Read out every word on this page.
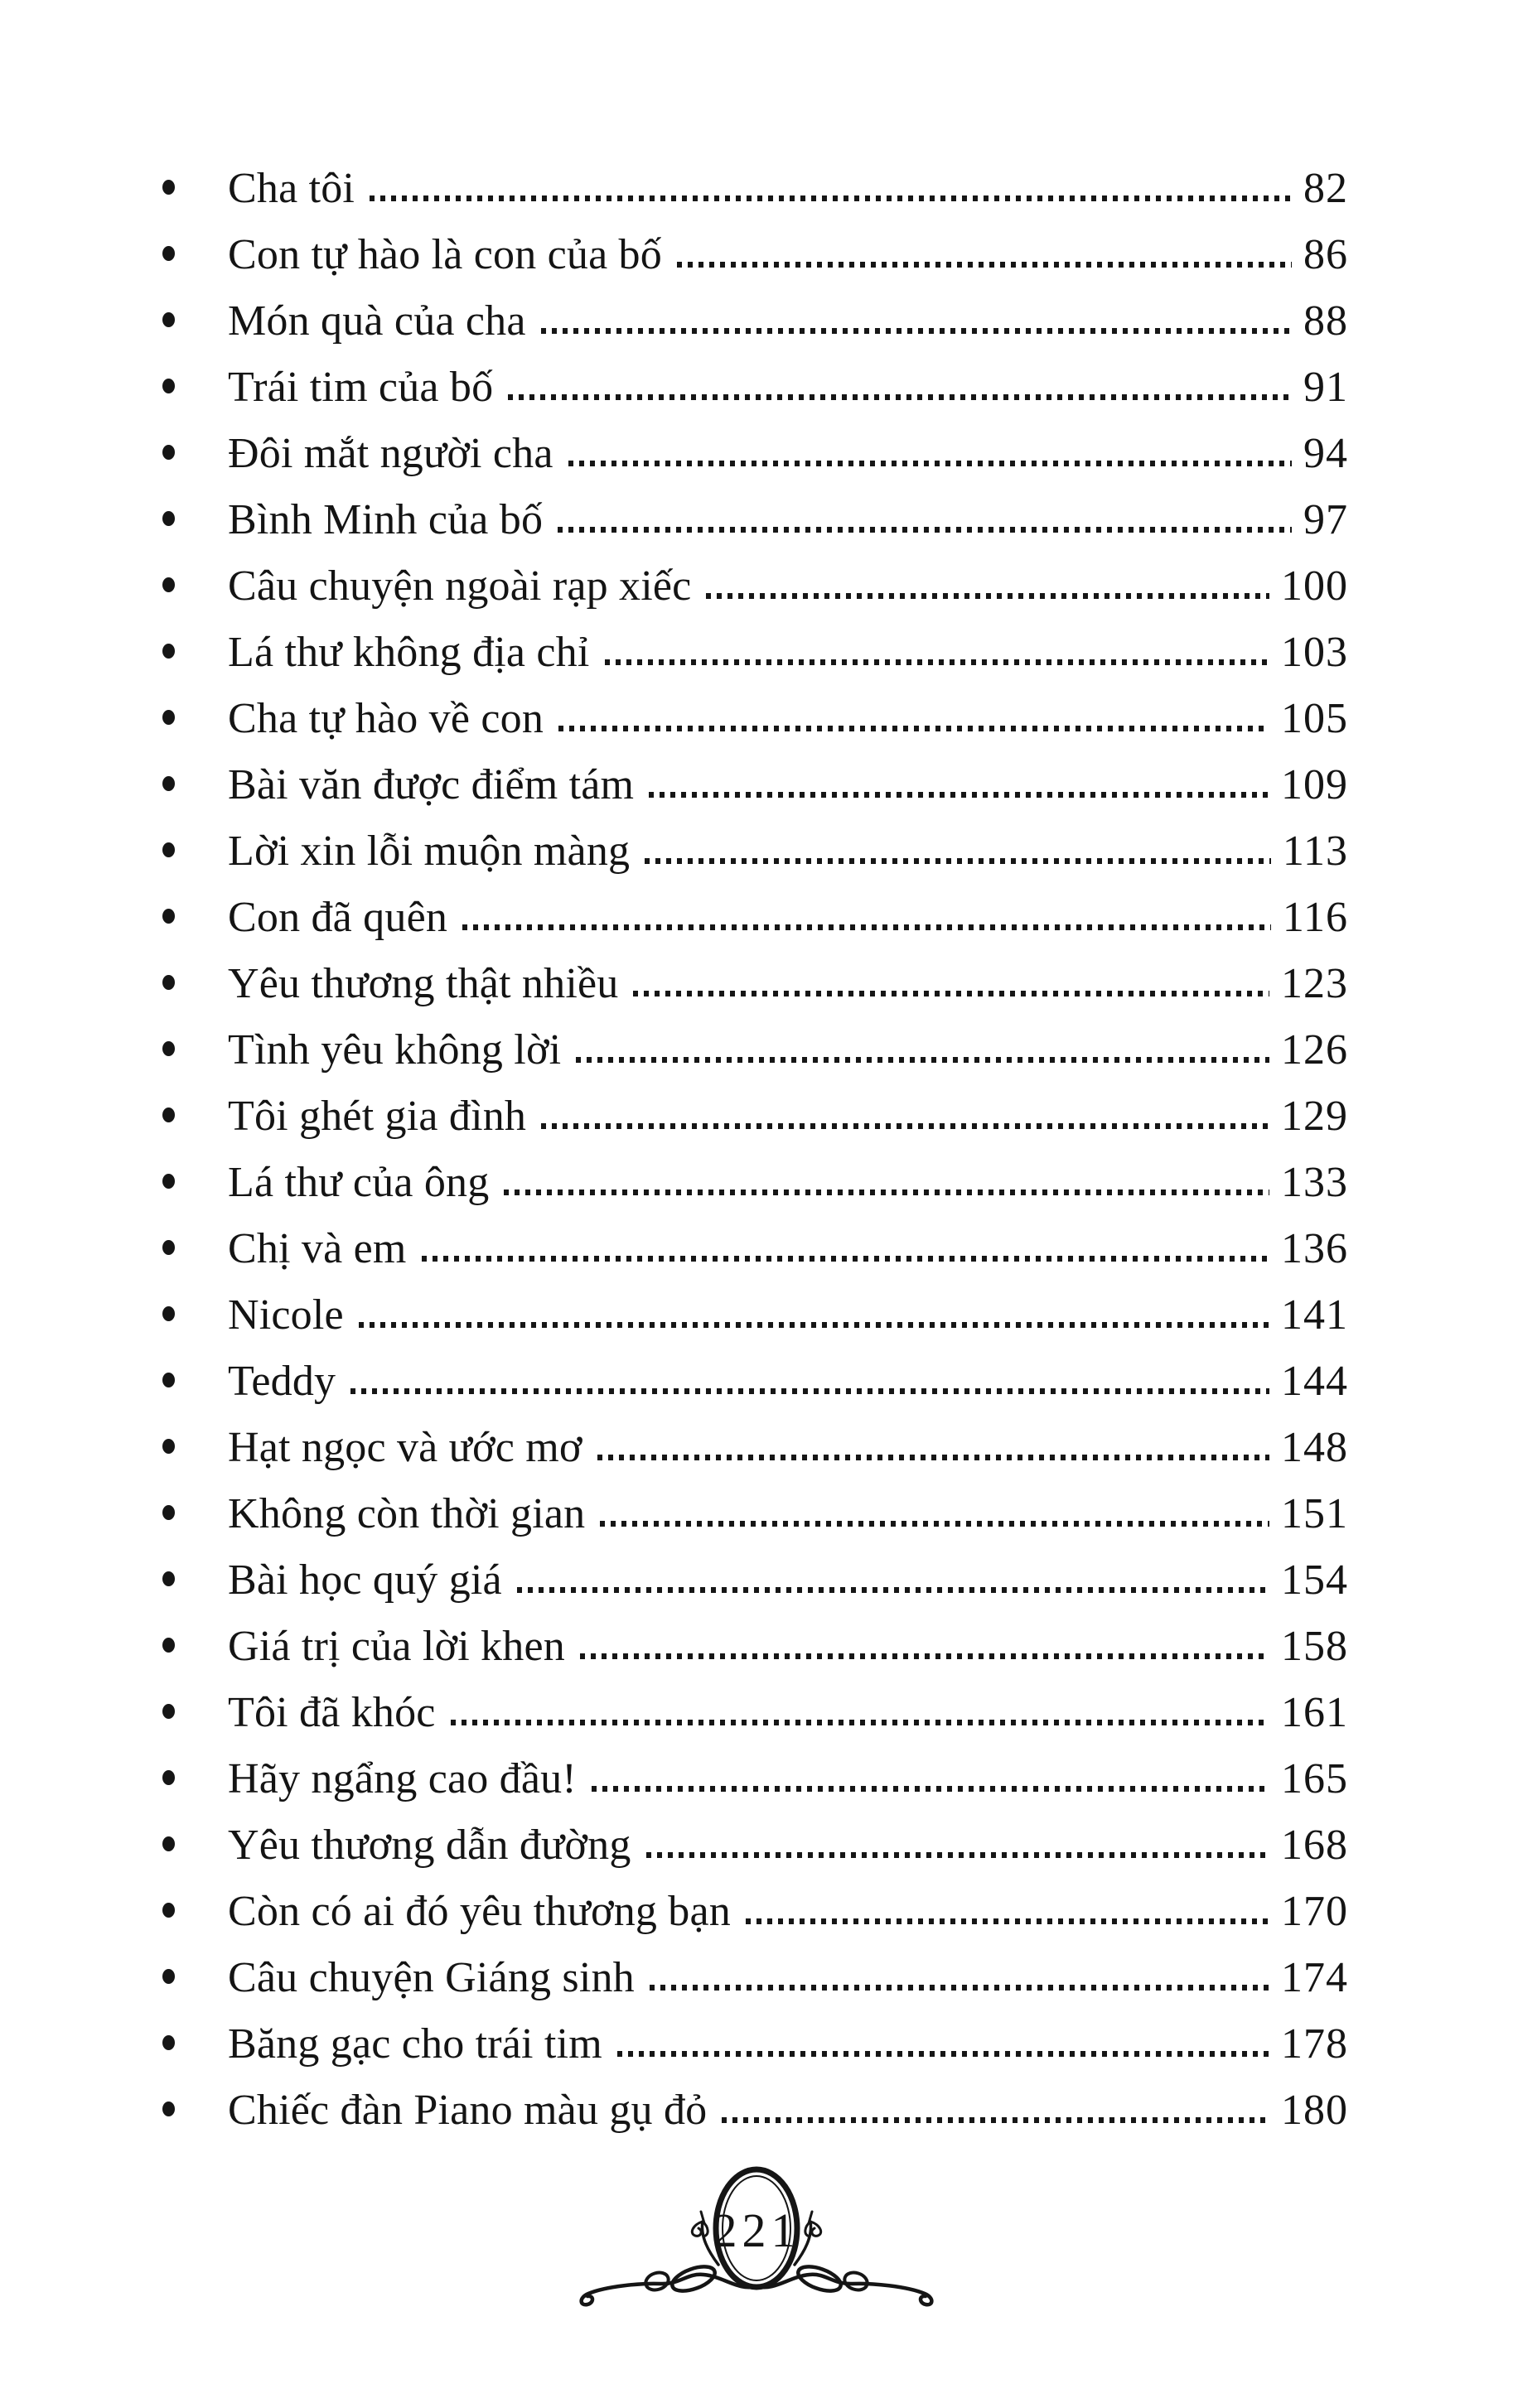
Cha tôi	82
Con tự hào là con của bố	86
Món quà của cha	88
Trái tim của bố	91
Đôi mắt người cha	94
Bình Minh của bố	97
Câu chuyện ngoài rạp xiếc	100
Lá thư không địa chỉ	103
Cha tự hào về con	105
Bài văn được điểm tám	109
Lời xin lỗi muộn màng	113
Con đã quên	116
Yêu thương thật nhiều	123
Tình yêu không lời	126
Tôi ghét gia đình	129
Lá thư của ông	133
Chị và em	136
Nicole	141
Teddy	144
Hạt ngọc và ước mơ	148
Không còn thời gian	151
Bài học quý giá	154
Giá trị của lời khen	158
Tôi đã khóc	161
Hãy ngẩng cao đầu!	165
Yêu thương dẫn đường	168
Còn có ai đó yêu thương bạn	170
Câu chuyện Giáng sinh	174
Băng gạc cho trái tim	178
Chiếc đàn Piano màu gụ đỏ	180
221
